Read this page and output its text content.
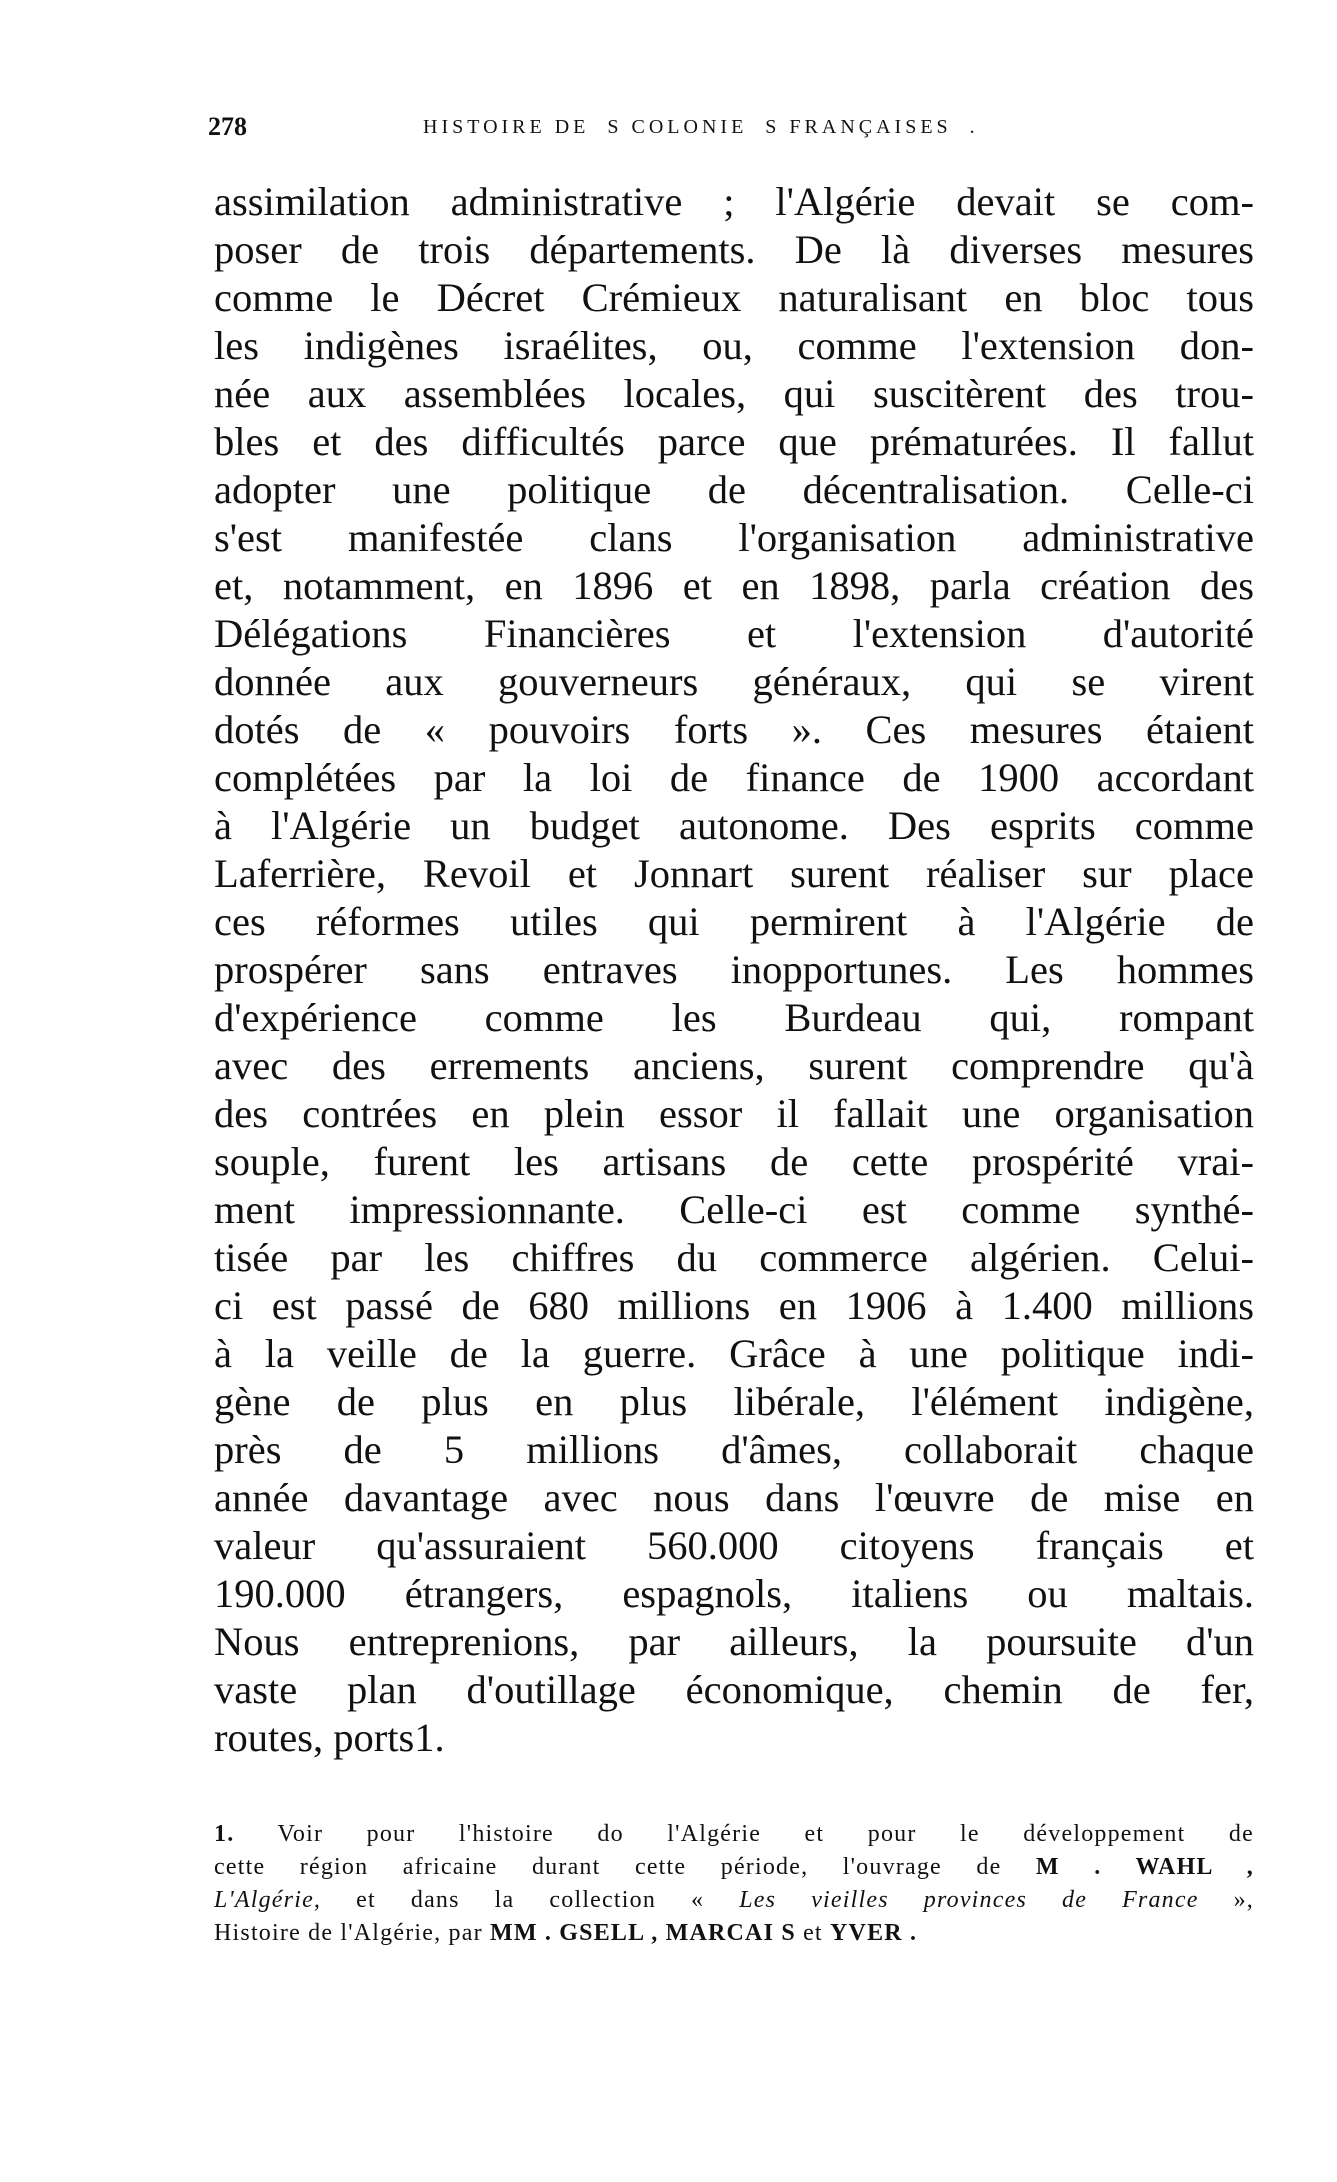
278	HISTOIRE DE  S COLONIE  S FRANÇAISES  .
assimilation administrative ; l'Algérie devait se com-
poser de trois départements. De là diverses mesures
comme le Décret Crémieux naturalisant en bloc tous
les indigènes israélites, ou, comme l'extension don-
née aux assemblées locales, qui suscitèrent des trou-
bles et des difficultés parce que prématurées. Il fallut
adopter une politique de décentralisation. Celle-ci
s'est manifestée clans l'organisation administrative
et, notamment, en 1896 et en 1898, parla création des
Délégations Financières et l'extension d'autorité
donnée aux gouverneurs généraux, qui se virent
dotés de « pouvoirs forts ». Ces mesures étaient
complétées par la loi de finance de 1900 accordant
à l'Algérie un budget autonome. Des esprits comme
Laferrière, Revoil et Jonnart surent réaliser sur place
ces réformes utiles qui permirent à l'Algérie de
prospérer sans entraves inopportunes. Les hommes
d'expérience comme les Burdeau qui, rompant
avec des errements anciens, surent comprendre qu'à
des contrées en plein essor il fallait une organisation
souple, furent les artisans de cette prospérité vrai-
ment impressionnante. Celle-ci est comme synthé-
tisée par les chiffres du commerce algérien. Celui-
ci est passé de 680 millions en 1906 à 1.400 millions
à la veille de la guerre. Grâce à une politique indi-
gène de plus en plus libérale, l'élément indigène,
près de 5 millions d'âmes, collaborait chaque
année davantage avec nous dans l'œuvre de mise en
valeur qu'assuraient 560.000 citoyens français et
190.000 étrangers, espagnols, italiens ou maltais.
Nous entreprenions, par ailleurs, la poursuite d'un
vaste plan d'outillage économique, chemin de fer,
routes, ports1.
1. Voir pour l'histoire do l'Algérie et pour le développement de
cette région africaine durant cette période, l'ouvrage de M . WAHL ,
L'Algérie, et dans la collection « Les vieilles provinces de France »,
Histoire de l'Algérie, par MM . GSELL , MARCAI S et YVER .
